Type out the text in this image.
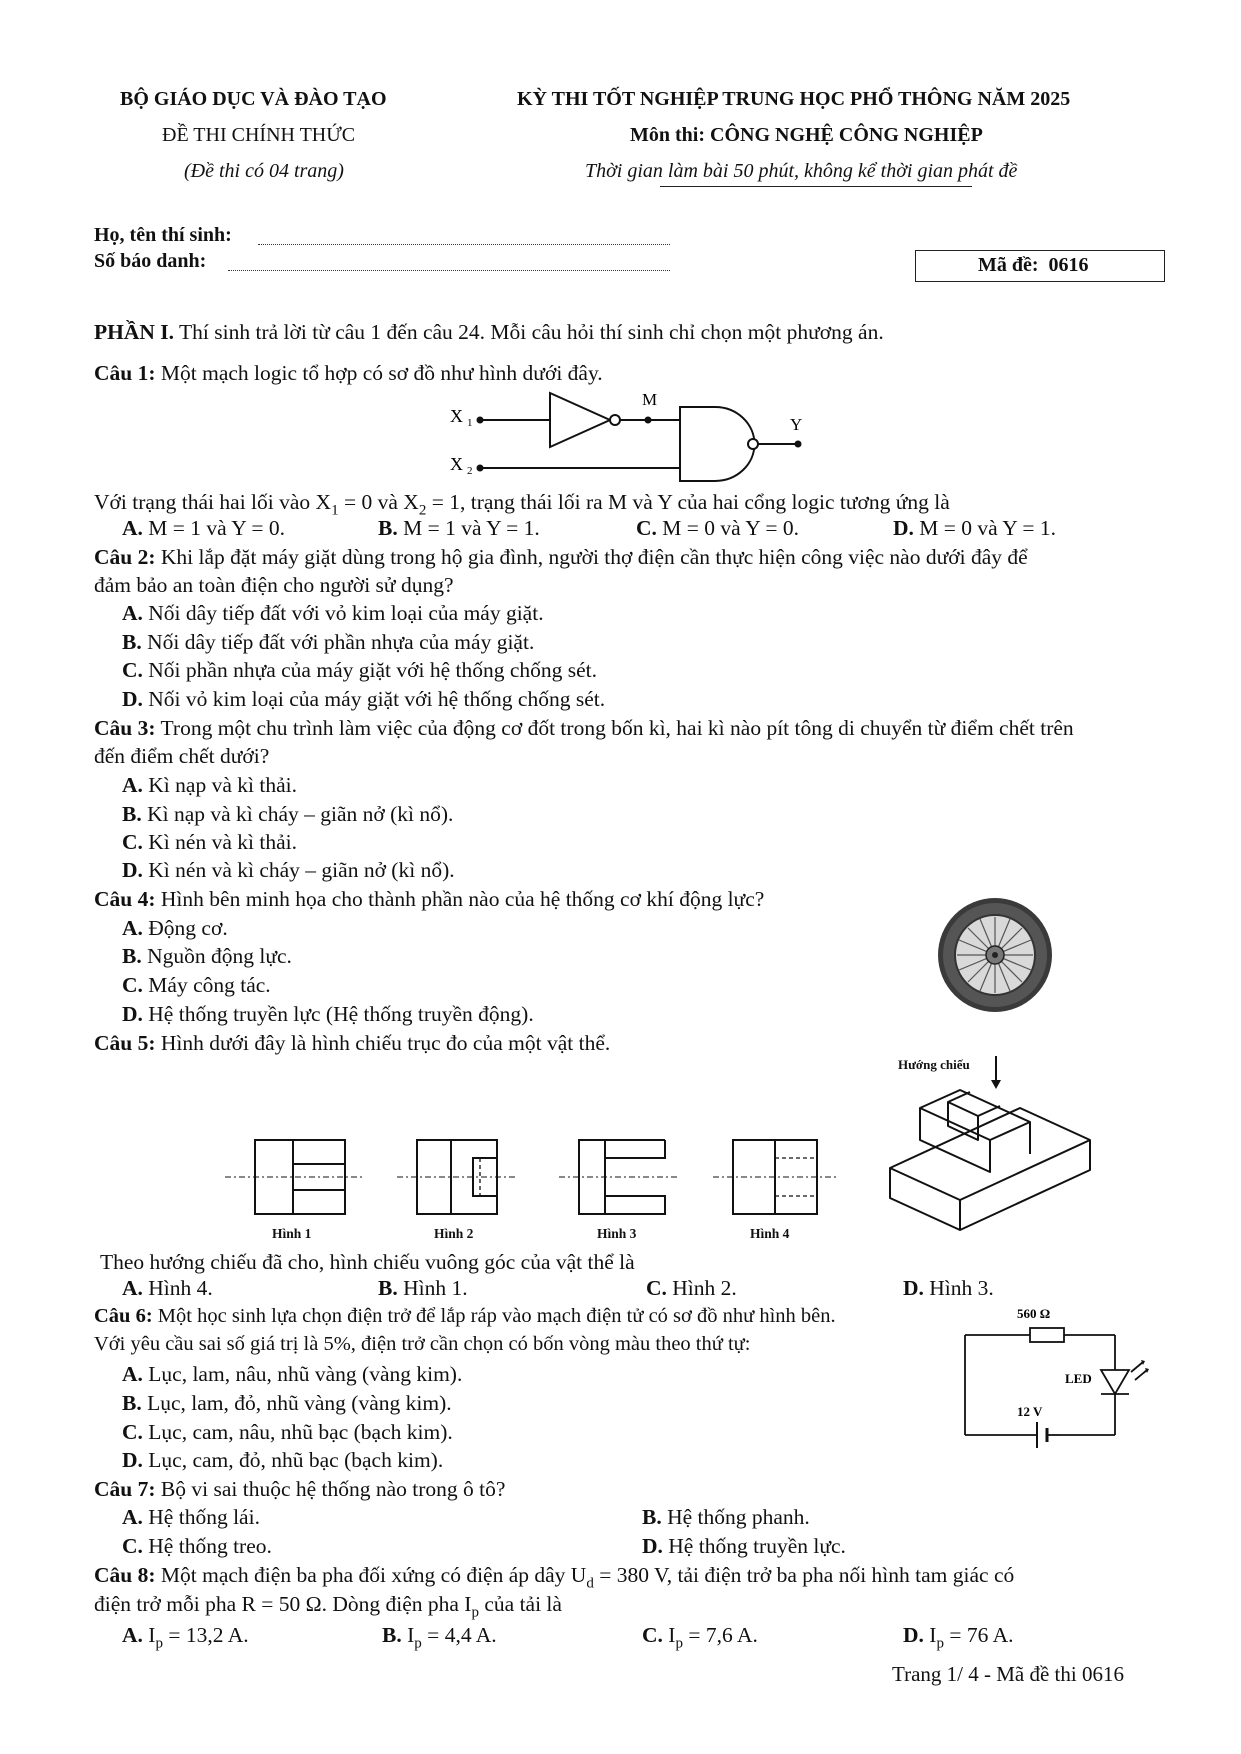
BỘ GIÁO DỤC VÀ ĐÀO TẠO
ĐỀ THI CHÍNH THỨC
(Đề thi có 04 trang)
KỲ THI TỐT NGHIỆP TRUNG HỌC PHỔ THÔNG NĂM 2025
Môn thi: CÔNG NGHỆ CÔNG NGHIỆP
Thời gian làm bài 50 phút, không kể thời gian phát đề
Họ, tên thí sinh:
Số báo danh:	Mã đề: 0616
PHẦN I. Thí sinh trả lời từ câu 1 đến câu 24. Mỗi câu hỏi thí sinh chỉ chọn một phương án.
Câu 1: Một mạch logic tổ hợp có sơ đồ như hình dưới đây.
X 1
X 2
M
Y
Với trạng thái hai lối vào $X_1 = 0$ và $X_2 = 1$, trạng thái lối ra M và Y của hai cổng logic tương ứng là
A. M = 1 và Y = 0.	B. M = 1 và Y = 1.	C. M = 0 và Y = 0.	D. M = 0 và Y = 1.
Câu 2: Khi lắp đặt máy giặt dùng trong hộ gia đình, người thợ điện cần thực hiện công việc nào dưới đây để
đảm bảo an toàn điện cho người sử dụng?
A. Nối dây tiếp đất với vỏ kim loại của máy giặt.
B. Nối dây tiếp đất với phần nhựa của máy giặt.
C. Nối phần nhựa của máy giặt với hệ thống chống sét.
D. Nối vỏ kim loại của máy giặt với hệ thống chống sét.
Câu 3: Trong một chu trình làm việc của động cơ đốt trong bốn kì, hai kì nào pít tông di chuyển từ điểm chết trên
đến điểm chết dưới?
A. Kì nạp và kì thải.
B. Kì nạp và kì cháy – giãn nở (kì nổ).
C. Kì nén và kì thải.
D. Kì nén và kì cháy – giãn nở (kì nổ).
Câu 4: Hình bên minh họa cho thành phần nào của hệ thống cơ khí động lực?
A. Động cơ.
B. Nguồn động lực.
C. Máy công tác.
D. Hệ thống truyền lực (Hệ thống truyền động).
Câu 5: Hình dưới đây là hình chiếu trục đo của một vật thể.
Hướng chiếu
Hình 1	Hình 2	Hình 3	Hình 4
Theo hướng chiếu đã cho, hình chiếu vuông góc của vật thể là
A. Hình 4.	B. Hình 1.	C. Hình 2.	D. Hình 3.
Câu 6: Một học sinh lựa chọn điện trở để lắp ráp vào mạch điện tử có sơ đồ như hình bên.
Với yêu cầu sai số giá trị là 5%, điện trở cần chọn có bốn vòng màu theo thứ tự:
A. Lục, lam, nâu, nhũ vàng (vàng kim).
B. Lục, lam, đỏ, nhũ vàng (vàng kim).
C. Lục, cam, nâu, nhũ bạc (bạch kim).
D. Lục, cam, đỏ, nhũ bạc (bạch kim).
560 Ω
LED
12 V
Câu 7: Bộ vi sai thuộc hệ thống nào trong ô tô?
A. Hệ thống lái.	B. Hệ thống phanh.
C. Hệ thống treo.	D. Hệ thống truyền lực.
Câu 8: Một mạch điện ba pha đối xứng có điện áp dây $U_d = 380$ V, tải điện trở ba pha nối hình tam giác có
điện trở mỗi pha R = 50 Ω. Dòng điện pha $I_p$ của tải là
A. $I_p = 13,2$ A.	B. $I_p = 4,4$ A.	C. $I_p = 7,6$ A.	D. $I_p = 76$ A.
Trang 1/ 4 - Mã đề thi 0616
